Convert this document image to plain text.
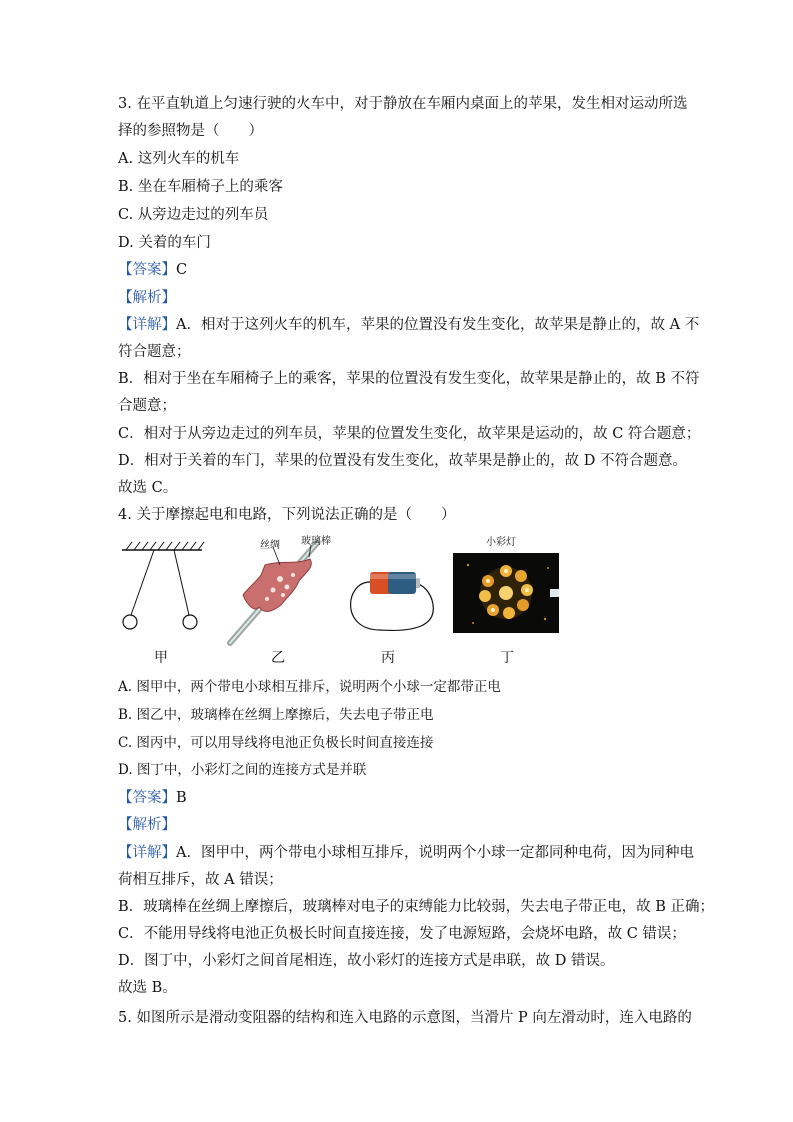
3. 在平直轨道上匀速行驶的火车中，对于静放在车厢内桌面上的苹果，发生相对运动所选
择的参照物是（　　）
A. 这列火车的机车
B. 坐在车厢椅子上的乘客
C. 从旁边走过的列车员
D. 关着的车门
【答案】C
【解析】
【详解】A．相对于这列火车的机车，苹果的位置没有发生变化，故苹果是静止的，故 A 不
符合题意；
B．相对于坐在车厢椅子上的乘客，苹果的位置没有发生变化，故苹果是静止的，故 B 不符
合题意；
C．相对于从旁边走过的列车员，苹果的位置发生变化，故苹果是运动的，故 C 符合题意；
D．相对于关着的车门，苹果的位置没有发生变化，故苹果是静止的，故 D 不符合题意。
故选 C。
4. 关于摩擦起电和电路，下列说法正确的是（　　）
甲
丝绸 玻璃棒
乙	丙
小彩灯
丁
A. 图甲中，两个带电小球相互排斥，说明两个小球一定都带正电
B. 图乙中，玻璃棒在丝绸上摩擦后，失去电子带正电
C. 图丙中，可以用导线将电池正负极长时间直接连接
D. 图丁中，小彩灯之间的连接方式是并联
【答案】B
【解析】
【详解】A．图甲中，两个带电小球相互排斥，说明两个小球一定都同种电荷，因为同种电
荷相互排斥，故 A 错误；
B．玻璃棒在丝绸上摩擦后，玻璃棒对电子的束缚能力比较弱，失去电子带正电，故 B 正确；
C．不能用导线将电池正负极长时间直接连接，发了电源短路，会烧坏电路，故 C 错误；
D．图丁中，小彩灯之间首尾相连，故小彩灯的连接方式是串联，故 D 错误。
故选 B。
5. 如图所示是滑动变阻器的结构和连入电路的示意图，当滑片 P 向左滑动时，连入电路的
